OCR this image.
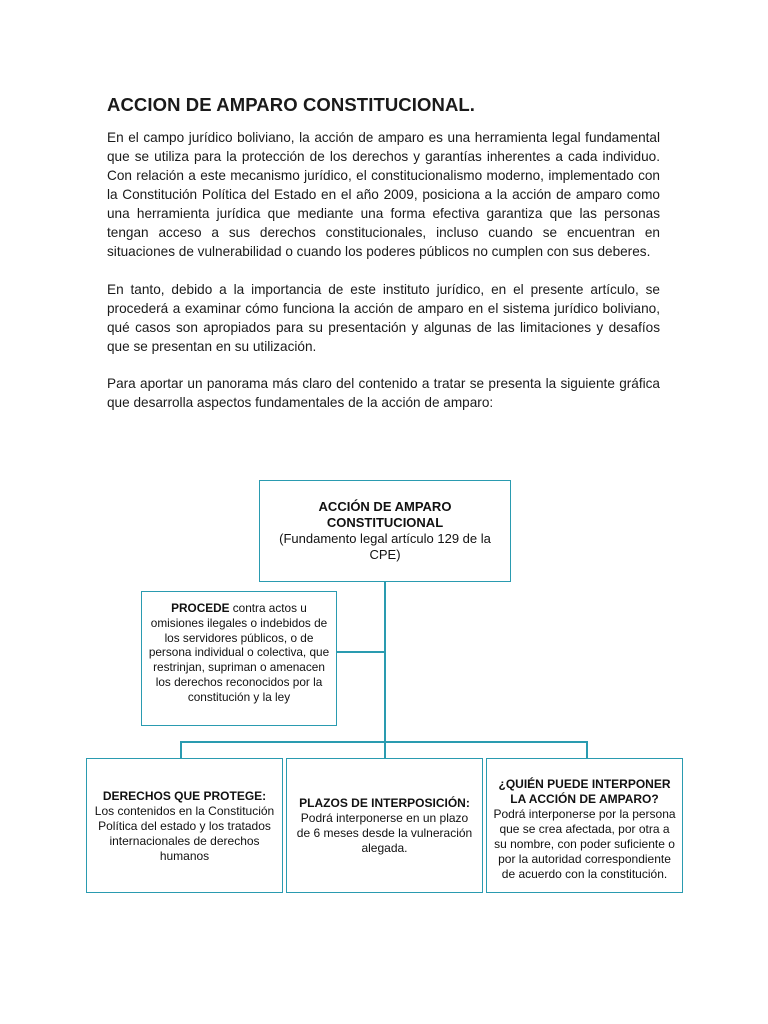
ACCION DE AMPARO CONSTITUCIONAL.

En el campo jurídico boliviano, la acción de amparo es una herramienta legal fundamental que se utiliza para la protección de los derechos y garantías inherentes a cada individuo. Con relación a este mecanismo jurídico, el constitucionalismo moderno, implementado con la Constitución Política del Estado en el año 2009, posiciona a la acción de amparo como una herramienta jurídica que mediante una forma efectiva garantiza que las personas tengan acceso a sus derechos constitucionales, incluso cuando se encuentran en situaciones de vulnerabilidad o cuando los poderes públicos no cumplen con sus deberes.

En tanto, debido a la importancia de este instituto jurídico, en el presente artículo, se procederá a examinar cómo funciona la acción de amparo en el sistema jurídico boliviano, qué casos son apropiados para su presentación y algunas de las limitaciones y desafíos que se presentan en su utilización.

Para aportar un panorama más claro del contenido a tratar se presenta la siguiente gráfica que desarrolla aspectos fundamentales de la acción de amparo:

ACCIÓN DE AMPARO
CONSTITUCIONAL
(Fundamento legal artículo 129 de la CPE)
PROCEDE contra actos u omisiones ilegales o indebidos de los servidores públicos, o de persona individual o colectiva, que restrinjan, supriman o amenacen los derechos reconocidos por la constitución y la ley
DERECHOS QUE PROTEGE:
Los contenidos en la Constitución Política del estado y los tratados internacionales de derechos humanos
PLAZOS DE INTERPOSICIÓN:
Podrá interponerse en un plazo de 6 meses desde la vulneración alegada.
¿QUIÉN PUEDE INTERPONER LA ACCIÓN DE AMPARO?
Podrá interponerse por la persona que se crea afectada, por otra a su nombre, con poder suficiente o por la autoridad correspondiente de acuerdo con la constitución.
